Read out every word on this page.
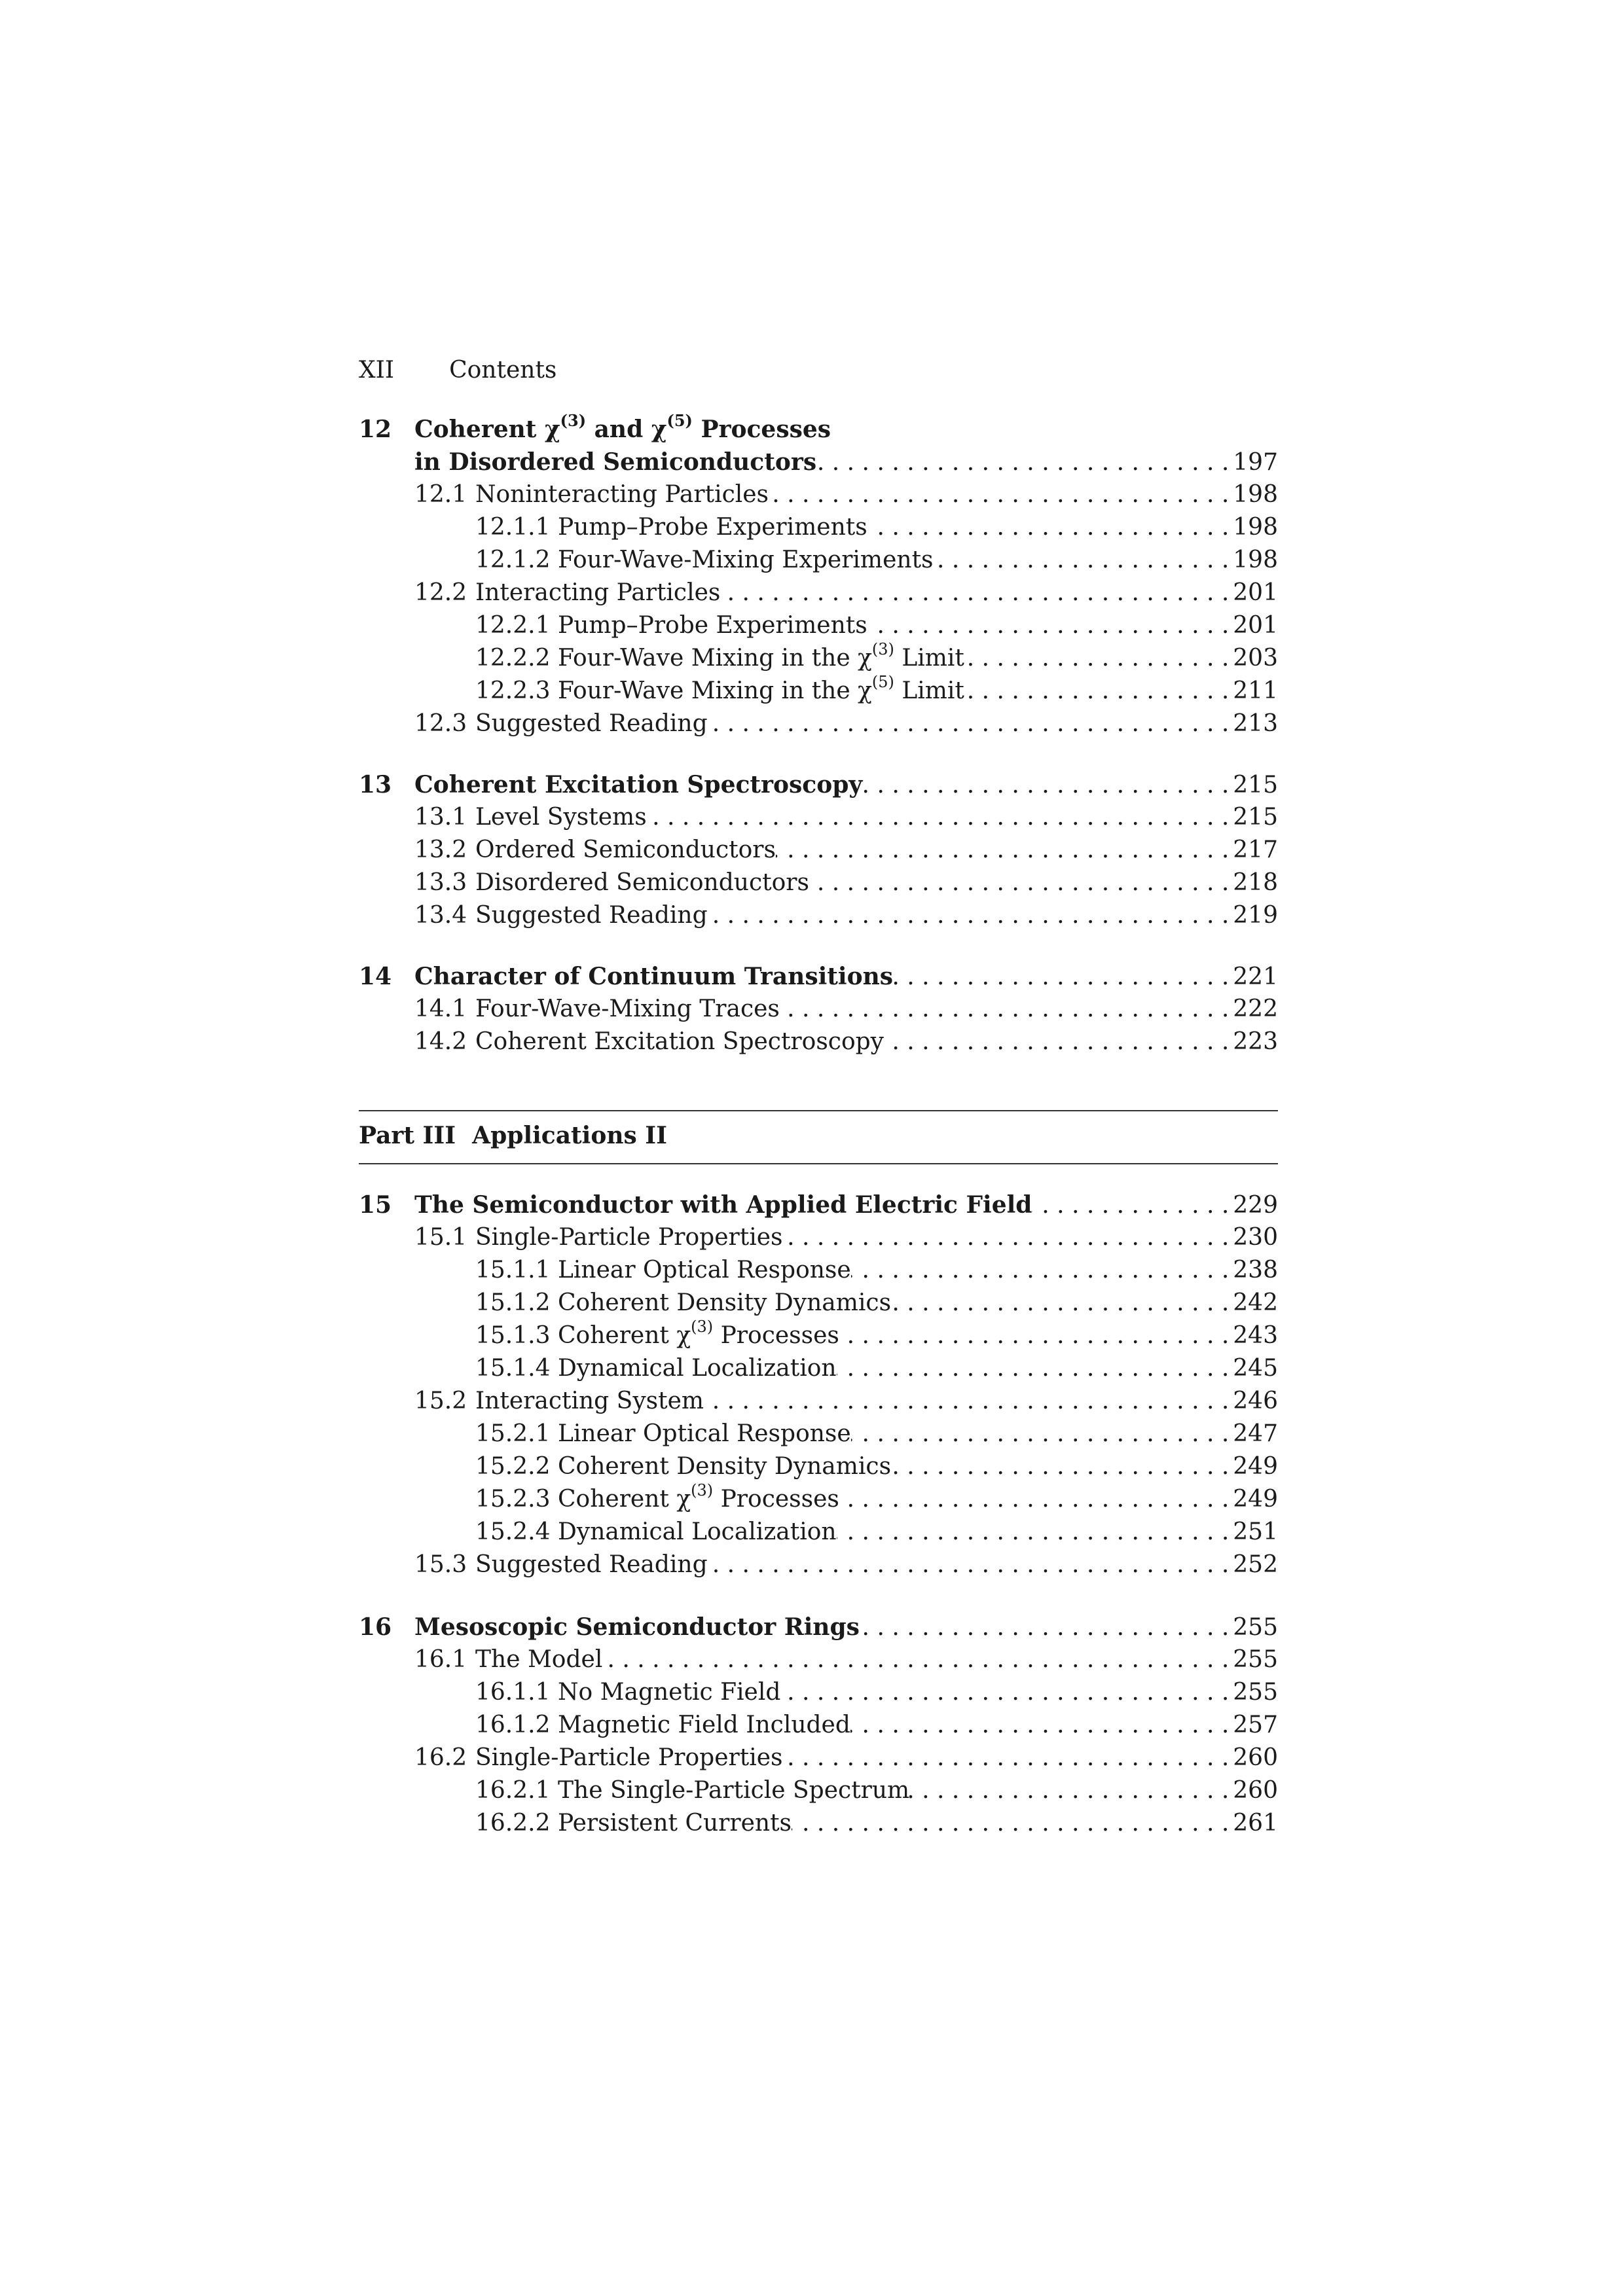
XII Contents
Part III  Applications II
12 Coherent $\chi^{(3)}$ and $\chi^{(5)}$ Processes
in Disordered Semiconductors . . .	197
12.1 Noninteracting Particles . . .	198
12.1.1 Pump–Probe Experiments . . .	198
12.1.2 Four-Wave-Mixing Experiments . . .	198
12.2 Interacting Particles . . .	201
12.2.1 Pump–Probe Experiments . . .	201
12.2.2 Four-Wave Mixing in the $\chi^{(3)}$ Limit . . .	203
12.2.3 Four-Wave Mixing in the $\chi^{(5)}$ Limit . . .	211
12.3 Suggested Reading . . .	213
13 Coherent Excitation Spectroscopy . . .	215
13.1 Level Systems . . .	215
13.2 Ordered Semiconductors . . .	217
13.3 Disordered Semiconductors . . .	218
13.4 Suggested Reading . . .	219
14 Character of Continuum Transitions . . .	221
14.1 Four-Wave-Mixing Traces . . .	222
14.2 Coherent Excitation Spectroscopy . . .	223
15 The Semiconductor with Applied Electric Field . . .	229
15.1 Single-Particle Properties . . .	230
15.1.1 Linear Optical Response . . .	238
15.1.2 Coherent Density Dynamics . . .	242
15.1.3 Coherent $\chi^{(3)}$ Processes . . .	243
15.1.4 Dynamical Localization . . .	245
15.2 Interacting System . . .	246
15.2.1 Linear Optical Response . . .	247
15.2.2 Coherent Density Dynamics . . .	249
15.2.3 Coherent $\chi^{(3)}$ Processes . . .	249
15.2.4 Dynamical Localization . . .	251
15.3 Suggested Reading . . .	252
16 Mesoscopic Semiconductor Rings . . .	255
16.1 The Model . . .	255
16.1.1 No Magnetic Field . . .	255
16.1.2 Magnetic Field Included . . .	257
16.2 Single-Particle Properties . . .	260
16.2.1 The Single-Particle Spectrum . . .	260
16.2.2 Persistent Currents . . .	261
